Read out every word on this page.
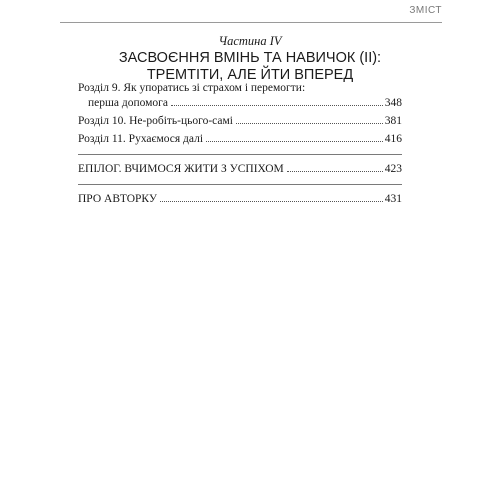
ЗМІСТ
Частина IV
ЗАСВОЄННЯ ВМІНЬ ТА НАВИЧОК (II):
ТРЕМТІТИ, АЛЕ ЙТИ ВПЕРЕД
Розділ 9. Як упоратись зі страхом і перемогти:
перша допомога	348
Розділ 10. Не-робіть-цього-самі	381
Розділ 11. Рухаємося далі	416
ЕПІЛОГ. ВЧИМОСЯ ЖИТИ З УСПІХОМ	423
ПРО АВТОРКУ	431
